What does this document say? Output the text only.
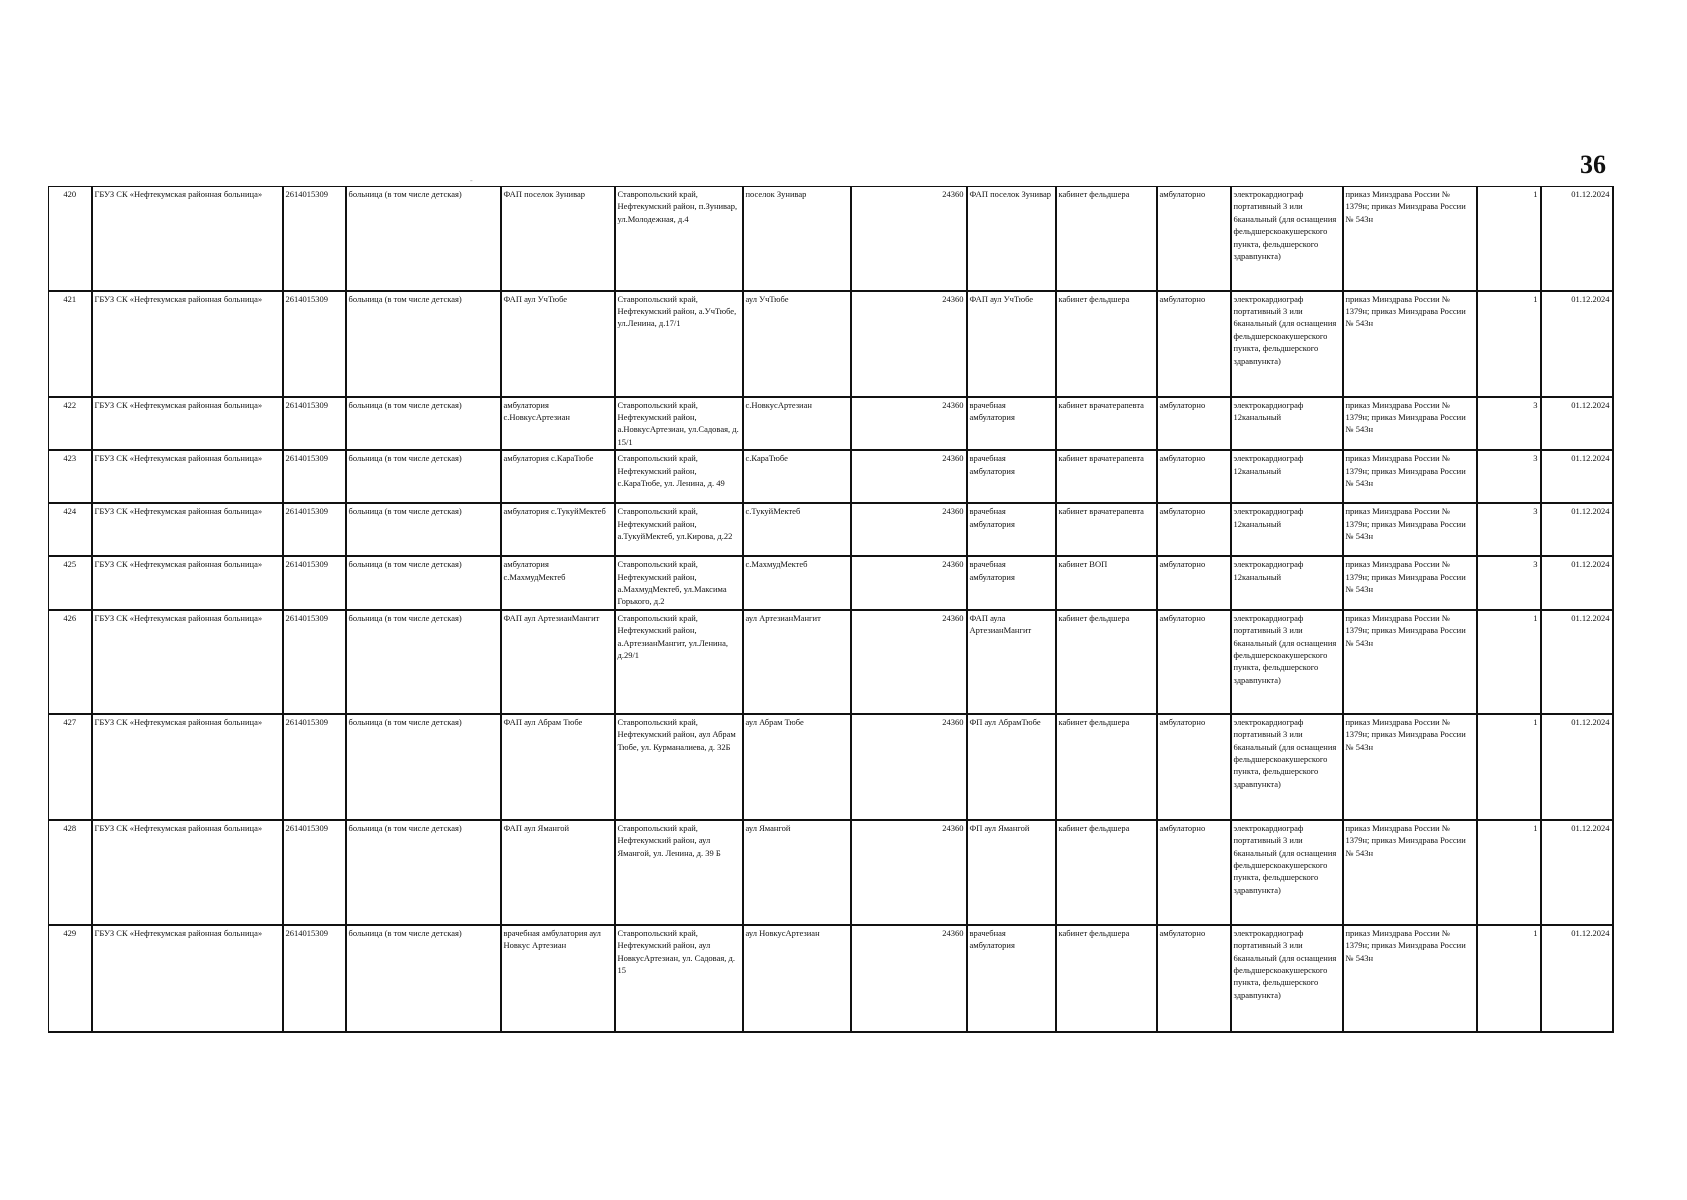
36
420	ГБУЗ СК «Нефтекумская районная больница»	2614015309	больница (в том числе детская)	ФАП поселок Зунивар	Ставропольский край, Нефтекумский район, п.Зунивар, ул.Молодежная, д.4	поселок Зунивар	24360	ФАП поселок Зунивар	кабинет фельдшера	амбулаторно	электрокардиограф портативный 3 или 6канальный (для оснащения фельдшерскоакушерского пункта, фельдшерского здравпункта)	приказ Минздрава России № 1379н; приказ Минздрава России № 543н	1	01.12.2024
421	ГБУЗ СК «Нефтекумская районная больница»	2614015309	больница (в том числе детская)	ФАП аул УчТюбе	Ставропольский край, Нефтекумский район, а.УчТюбе, ул.Ленина, д.17/1	аул УчТюбе	24360	ФАП аул УчТюбе	кабинет фельдшера	амбулаторно	электрокардиограф портативный 3 или 6канальный (для оснащения фельдшерскоакушерского пункта, фельдшерского здравпункта)	приказ Минздрава России № 1379н; приказ Минздрава России № 543н	1	01.12.2024
422	ГБУЗ СК «Нефтекумская районная больница»	2614015309	больница (в том числе детская)	амбулатория с.НовкусАртезиан	Ставропольский край, Нефтекумский район, а.НовкусАртезиан, ул.Садовая, д. 15/1	с.НовкусАртезиан	24360	врачебная амбулатория	кабинет врачатерапевта	амбулаторно	электрокардиограф 12канальный	приказ Минздрава России № 1379н; приказ Минздрава России № 543н	3	01.12.2024
423	ГБУЗ СК «Нефтекумская районная больница»	2614015309	больница (в том числе детская)	амбулатория с.КараТюбе	Ставропольский край, Нефтекумский район, с.КараТюбе, ул. Ленина, д. 49	с.КараТюбе	24360	врачебная амбулатория	кабинет врачатерапевта	амбулаторно	электрокардиограф 12канальный	приказ Минздрава России № 1379н; приказ Минздрава России № 543н	3	01.12.2024
424	ГБУЗ СК «Нефтекумская районная больница»	2614015309	больница (в том числе детская)	амбулатория с.ТукуйМектеб	Ставропольский край, Нефтекумский район, а.ТукуйМектеб, ул.Кирова, д.22	с.ТукуйМектеб	24360	врачебная амбулатория	кабинет врачатерапевта	амбулаторно	электрокардиограф 12канальный	приказ Минздрава России № 1379н; приказ Минздрава России № 543н	3	01.12.2024
425	ГБУЗ СК «Нефтекумская районная больница»	2614015309	больница (в том числе детская)	амбулатория с.МахмудМектеб	Ставропольский край, Нефтекумский район, а.МахмудМектеб, ул.Максима Горького, д.2	с.МахмудМектеб	24360	врачебная амбулатория	кабинет ВОП	амбулаторно	электрокардиограф 12канальный	приказ Минздрава России № 1379н; приказ Минздрава России № 543н	3	01.12.2024
426	ГБУЗ СК «Нефтекумская районная больница»	2614015309	больница (в том числе детская)	ФАП аул АртезианМангит	Ставропольский край, Нефтекумский район, а.АртезианМангит, ул.Ленина, д.29/1	аул АртезианМангит	24360	ФАП аула АртезианМангит	кабинет фельдшера	амбулаторно	электрокардиограф портативный 3 или 6канальный (для оснащения фельдшерскоакушерского пункта, фельдшерского здравпункта)	приказ Минздрава России № 1379н; приказ Минздрава России № 543н	1	01.12.2024
427	ГБУЗ СК «Нефтекумская районная больница»	2614015309	больница (в том числе детская)	ФАП аул Абрам Тюбе	Ставропольский край, Нефтекумский район, аул Абрам Тюбе, ул. Курманалиева, д. 32Б	аул Абрам Тюбе	24360	ФП аул АбрамТюбе	кабинет фельдшера	амбулаторно	электрокардиограф портативный 3 или 6канальный (для оснащения фельдшерскоакушерского пункта, фельдшерского здравпункта)	приказ Минздрава России № 1379н; приказ Минздрава России № 543н	1	01.12.2024
428	ГБУЗ СК «Нефтекумская районная больница»	2614015309	больница (в том числе детская)	ФАП аул Ямангой	Ставропольский край, Нефтекумский район, аул Ямангой, ул. Ленина, д. 39 Б	аул Ямангой	24360	ФП аул Ямангой	кабинет фельдшера	амбулаторно	электрокардиограф портативный 3 или 6канальный (для оснащения фельдшерскоакушерского пункта, фельдшерского здравпункта)	приказ Минздрава России № 1379н; приказ Минздрава России № 543н	1	01.12.2024
429	ГБУЗ СК «Нефтекумская районная больница»	2614015309	больница (в том числе детская)	врачебная амбулатория аул Новкус Артезиан	Ставропольский край, Нефтекумский район, аул НовкусАртезиан, ул. Садовая, д. 15	аул НовкусАртезиан	24360	врачебная амбулатория	кабинет фельдшера	амбулаторно	электрокардиограф портативный 3 или 6канальный (для оснащения фельдшерскоакушерского пункта, фельдшерского здравпункта)	приказ Минздрава России № 1379н; приказ Минздрава России № 543н	1	01.12.2024
-
